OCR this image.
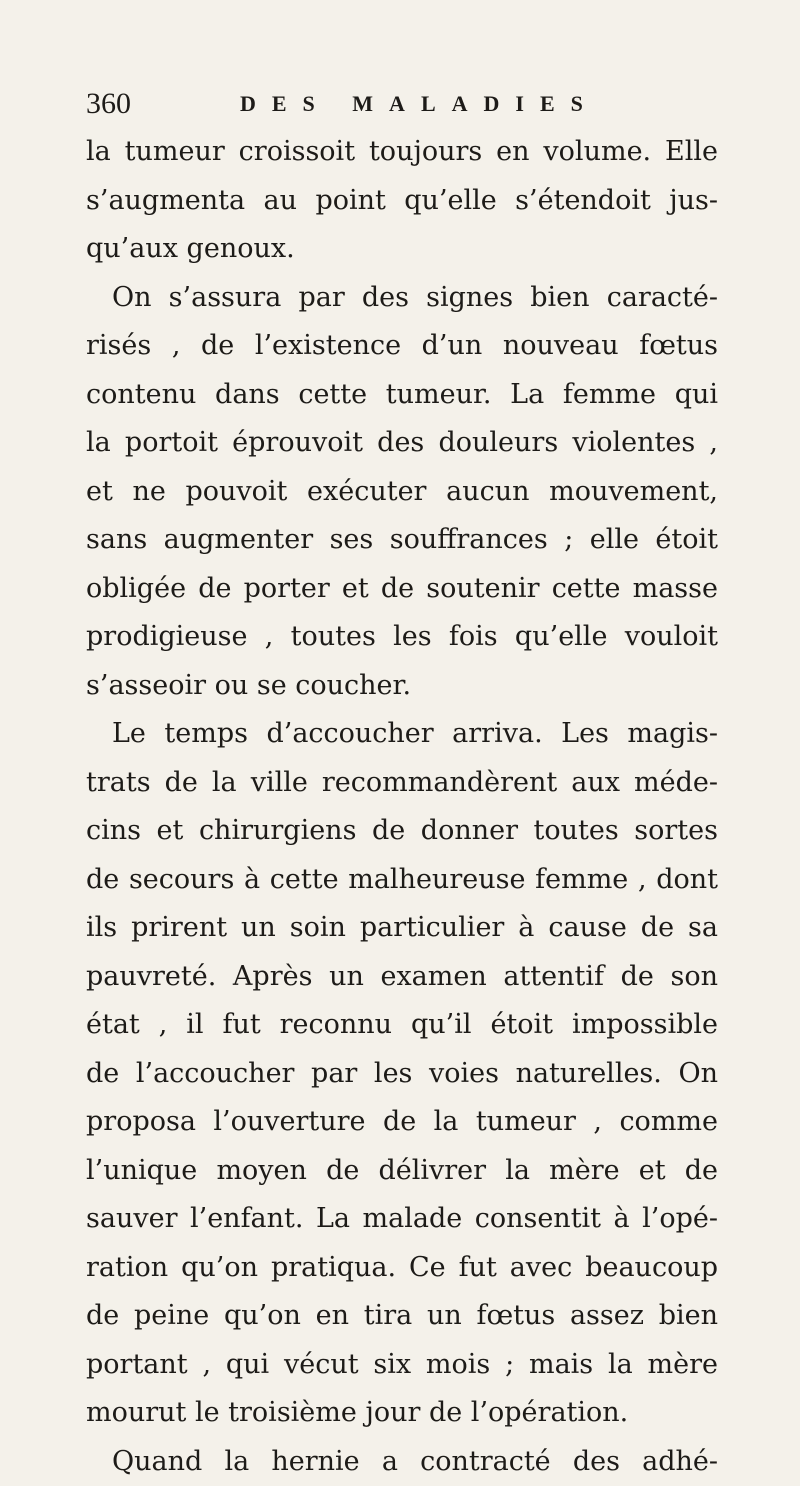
360	DES MALADIES
la tumeur croissoit toujours en volume. Elle
s’augmenta au point qu’elle s’étendoit jus-
qu’aux genoux.
On s’assura par des signes bien caracté-
risés , de l’existence d’un nouveau fœtus
contenu dans cette tumeur. La femme qui
la portoit éprouvoit des douleurs violentes ,
et ne pouvoit exécuter aucun mouvement,
sans augmenter ses souffrances ; elle étoit
obligée de porter et de soutenir cette masse
prodigieuse , toutes les fois qu’elle vouloit
s’asseoir ou se coucher.
Le temps d’accoucher arriva. Les magis-
trats de la ville recommandèrent aux méde-
cins et chirurgiens de donner toutes sortes
de secours à cette malheureuse femme , dont
ils prirent un soin particulier à cause de sa
pauvreté. Après un examen attentif de son
état , il fut reconnu qu’il étoit impossible
de l’accoucher par les voies naturelles. On
proposa l’ouverture de la tumeur , comme
l’unique moyen de délivrer la mère et de
sauver l’enfant. La malade consentit à l’opé-
ration qu’on pratiqua. Ce fut avec beaucoup
de peine qu’on en tira un fœtus assez bien
portant , qui vécut six mois ; mais la mère
mourut le troisième jour de l’opération.
Quand la hernie a contracté des adhé-
